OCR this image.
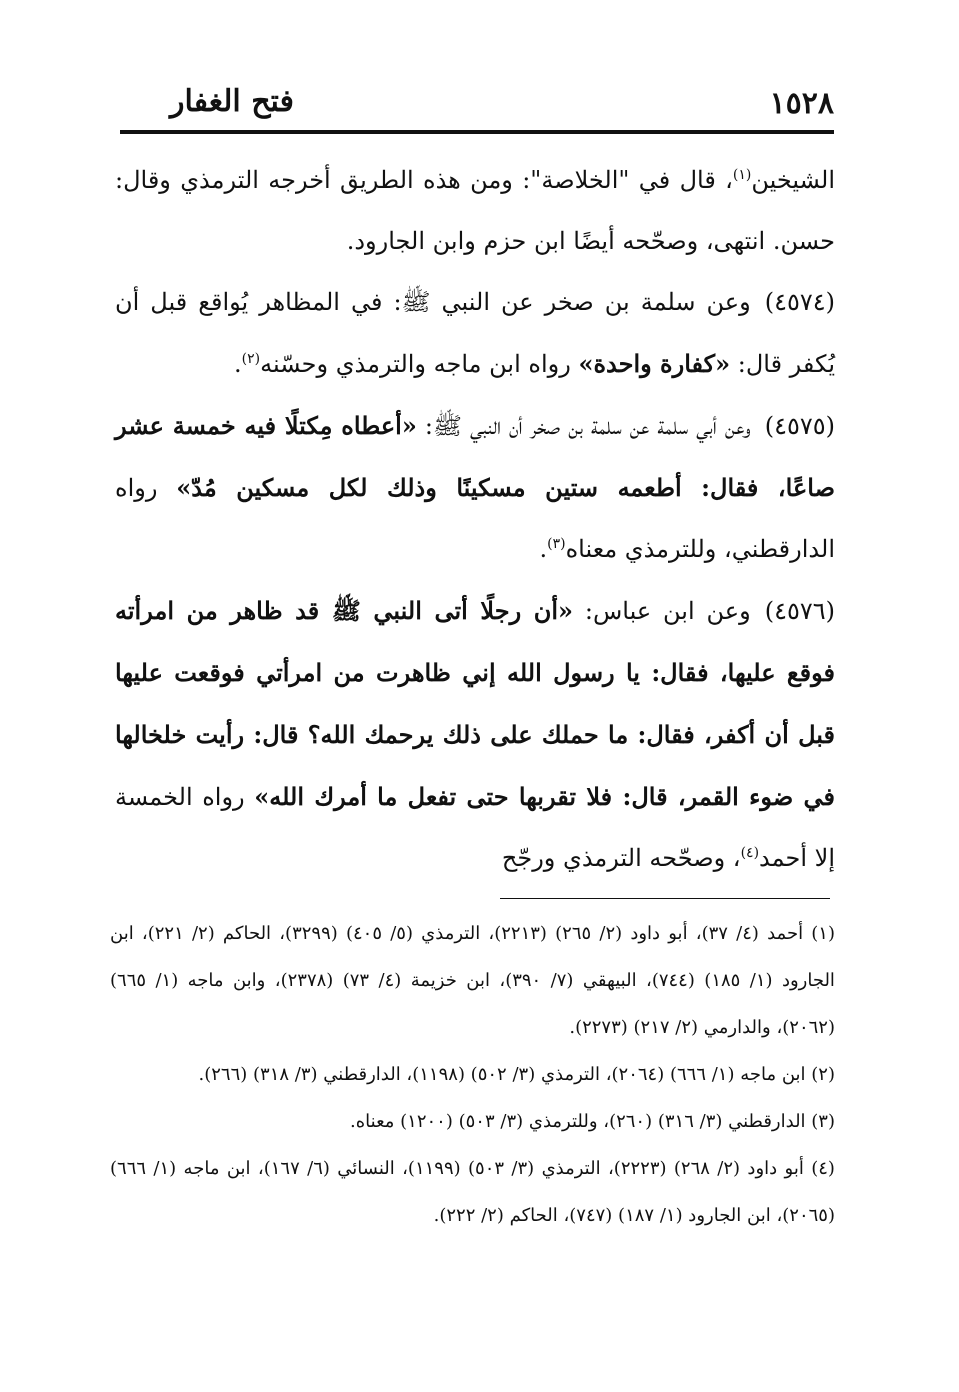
١٥٢٨
فتح الغفار

الشيخين$^{(١)}$، قال في "الخلاصة": ومن هذه الطريق أخرجه الترمذي وقال: حسن. انتهى، وصحّحه أيضًا ابن حزم وابن الجارود.

(٤٥٧٤)وعن سلمة بن صخر عن النبي ﷺ: في المظاهر يُواقع قبل أن يُكفر قال: «كفارة واحدة» رواه ابن ماجه والترمذي وحسّنه$^{(٢)}$.

(٤٥٧٥)وعن أبي سلمة عن سلمة بن صخر أن النبي ﷺ: «أعطاه مِكتلًا فيه خمسة عشر صاعًا، فقال: أطعمه ستين مسكينًا وذلك لكل مسكين مُدّ» رواه الدارقطني، وللترمذي معناه$^{(٣)}$.

(٤٥٧٦)وعن ابن عباس: «أن رجلًا أتى النبي ﷺ قد ظاهر من امرأته فوقع عليها، فقال: يا رسول الله إني ظاهرت من امرأتي فوقعت عليها قبل أن أكفر، فقال: ما حملك على ذلك يرحمك الله؟ قال: رأيت خلخالها في ضوء القمر، قال: فلا تقربها حتى تفعل ما أمرك الله» رواه الخمسة إلا أحمد$^{(٤)}$، وصحّحه الترمذي ورجّح

(١) أحمد (٤/ ٣٧)، أبو داود (٢/ ٢٦٥) (٢٢١٣)، الترمذي (٥/ ٤٠٥) (٣٢٩٩)، الحاكم (٢/ ٢٢١)، ابن الجارود (١/ ١٨٥) (٧٤٤)، البيهقي (٧/ ٣٩٠)، ابن خزيمة (٤/ ٧٣) (٢٣٧٨)، وابن ماجه (١/ ٦٦٥) (٢٠٦٢)، والدارمي (٢/ ٢١٧) (٢٢٧٣).

(٢) ابن ماجه (١/ ٦٦٦) (٢٠٦٤)، الترمذي (٣/ ٥٠٢) (١١٩٨)، الدارقطني (٣/ ٣١٨) (٢٦٦).

(٣) الدارقطني (٣/ ٣١٦) (٢٦٠)، وللترمذي (٣/ ٥٠٣) (١٢٠٠) معناه.

(٤) أبو داود (٢/ ٢٦٨) (٢٢٢٣)، الترمذي (٣/ ٥٠٣) (١١٩٩)، النسائي (٦/ ١٦٧)، ابن ماجه (١/ ٦٦٦) (٢٠٦٥)، ابن الجارود (١/ ١٨٧) (٧٤٧)، الحاكم (٢/ ٢٢٢).
